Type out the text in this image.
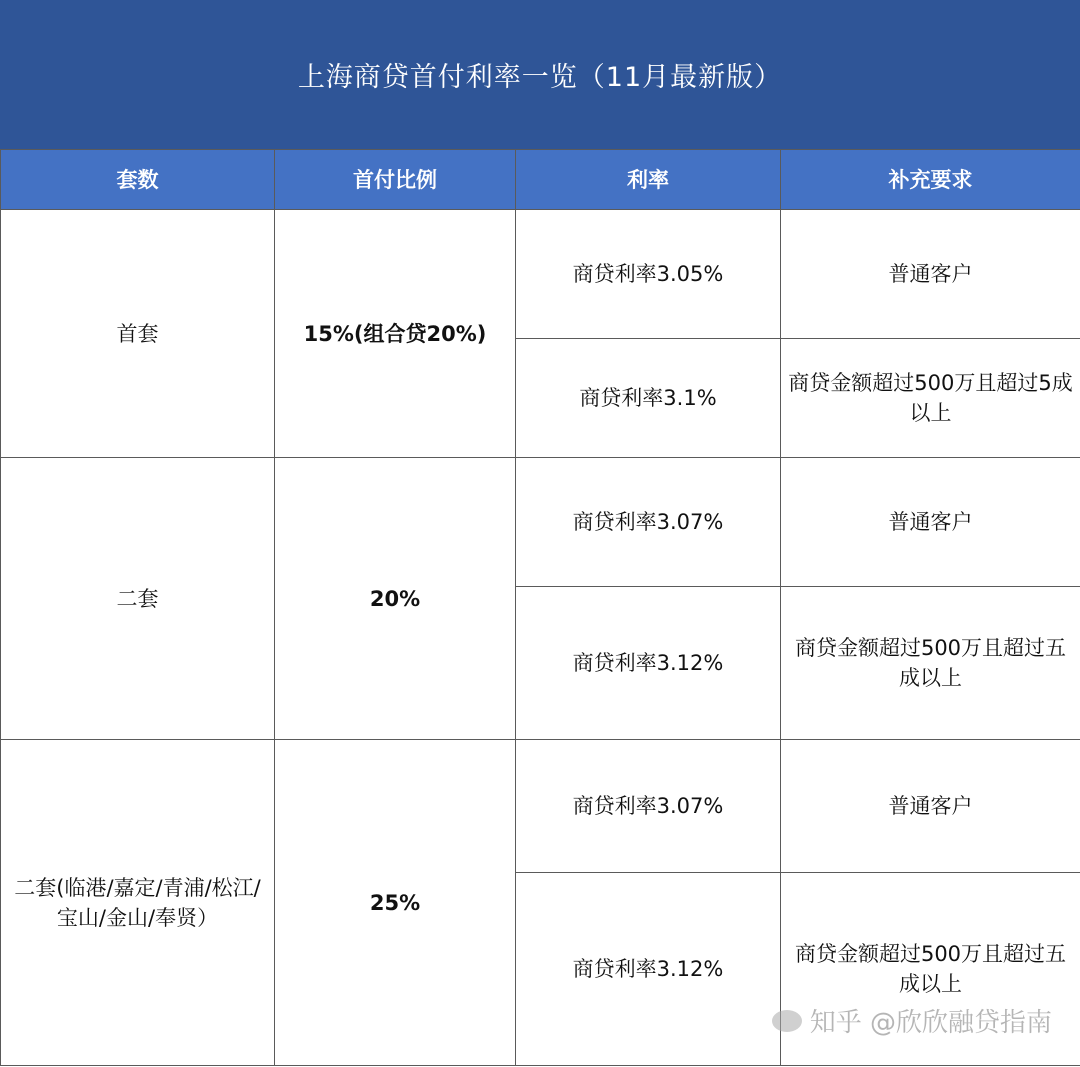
上海商贷首付利率一览（11月最新版）
套数	首付比例	利率	补充要求
首套	15%(组合贷20%)	商贷利率3.05%	普通客户
		商贷利率3.1%	商贷金额超过500万且超过5成以上
二套	20%	商贷利率3.07%	普通客户
		商贷利率3.12%	商贷金额超过500万且超过五成以上
二套(临港/嘉定/青浦/松江/宝山/金山/奉贤）	25%	商贷利率3.07%	普通客户
		商贷利率3.12%	商贷金额超过500万且超过五成以上
知乎 @欣欣融贷指南
